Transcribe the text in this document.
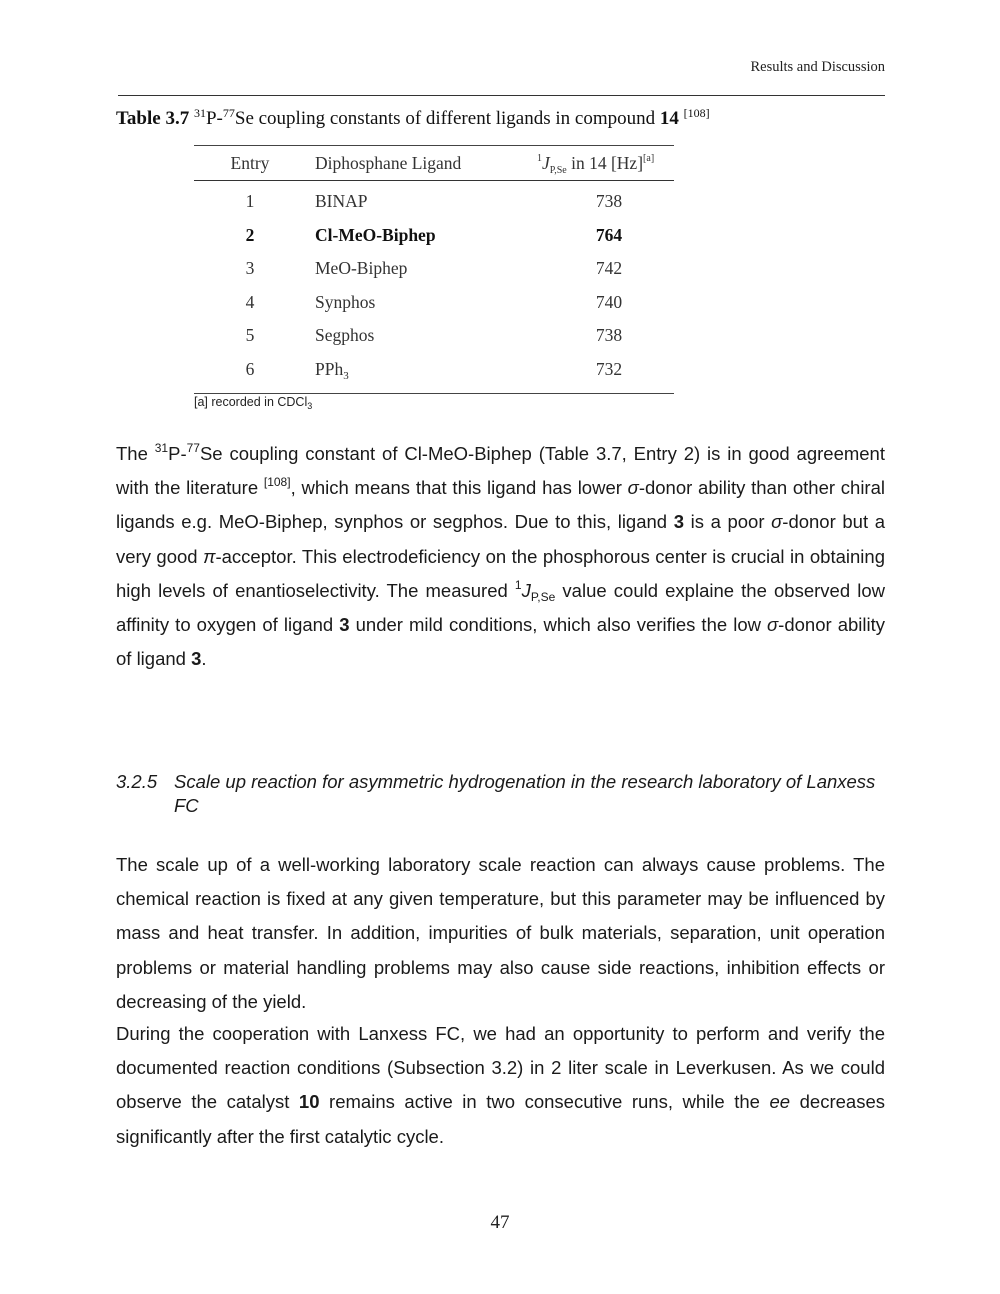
Results and Discussion
Table 3.7 $^{31}$P-$^{77}$Se coupling constants of different ligands in compound 14 [108]
Entry	Diphosphane Ligand	$^1J_{P,Se}$ in 14 [Hz][a]
1	BINAP	738
2	Cl-MeO-Biphep	764
3	MeO-Biphep	742
4	Synphos	740
5	Segphos	738
6	PPh$_3$	732
[a] recorded in CDCl$_3$

The $^{31}$P-$^{77}$Se coupling constant of Cl-MeO-Biphep (Table 3.7, Entry 2) is in good agreement with the literature [108], which means that this ligand has lower σ-donor ability than other chiral ligands e.g. MeO-Biphep, synphos or segphos. Due to this, ligand 3 is a poor σ-donor but a very good π-acceptor. This electrodeficiency on the phosphorous center is crucial in obtaining high levels of enantioselectivity. The measured $^1J_{P,Se}$ value could explaine the observed low affinity to oxygen of ligand 3 under mild conditions, which also verifies the low σ-donor ability of ligand 3.

3.2.5 Scale up reaction for asymmetric hydrogenation in the research laboratory of Lanxess FC

The scale up of a well-working laboratory scale reaction can always cause problems. The chemical reaction is fixed at any given temperature, but this parameter may be influenced by mass and heat transfer. In addition, impurities of bulk materials, separation, unit operation problems or material handling problems may also cause side reactions, inhibition effects or decreasing of the yield.

During the cooperation with Lanxess FC, we had an opportunity to perform and verify the documented reaction conditions (Subsection 3.2) in 2 liter scale in Leverkusen. As we could observe the catalyst 10 remains active in two consecutive runs, while the ee decreases significantly after the first catalytic cycle.

47
